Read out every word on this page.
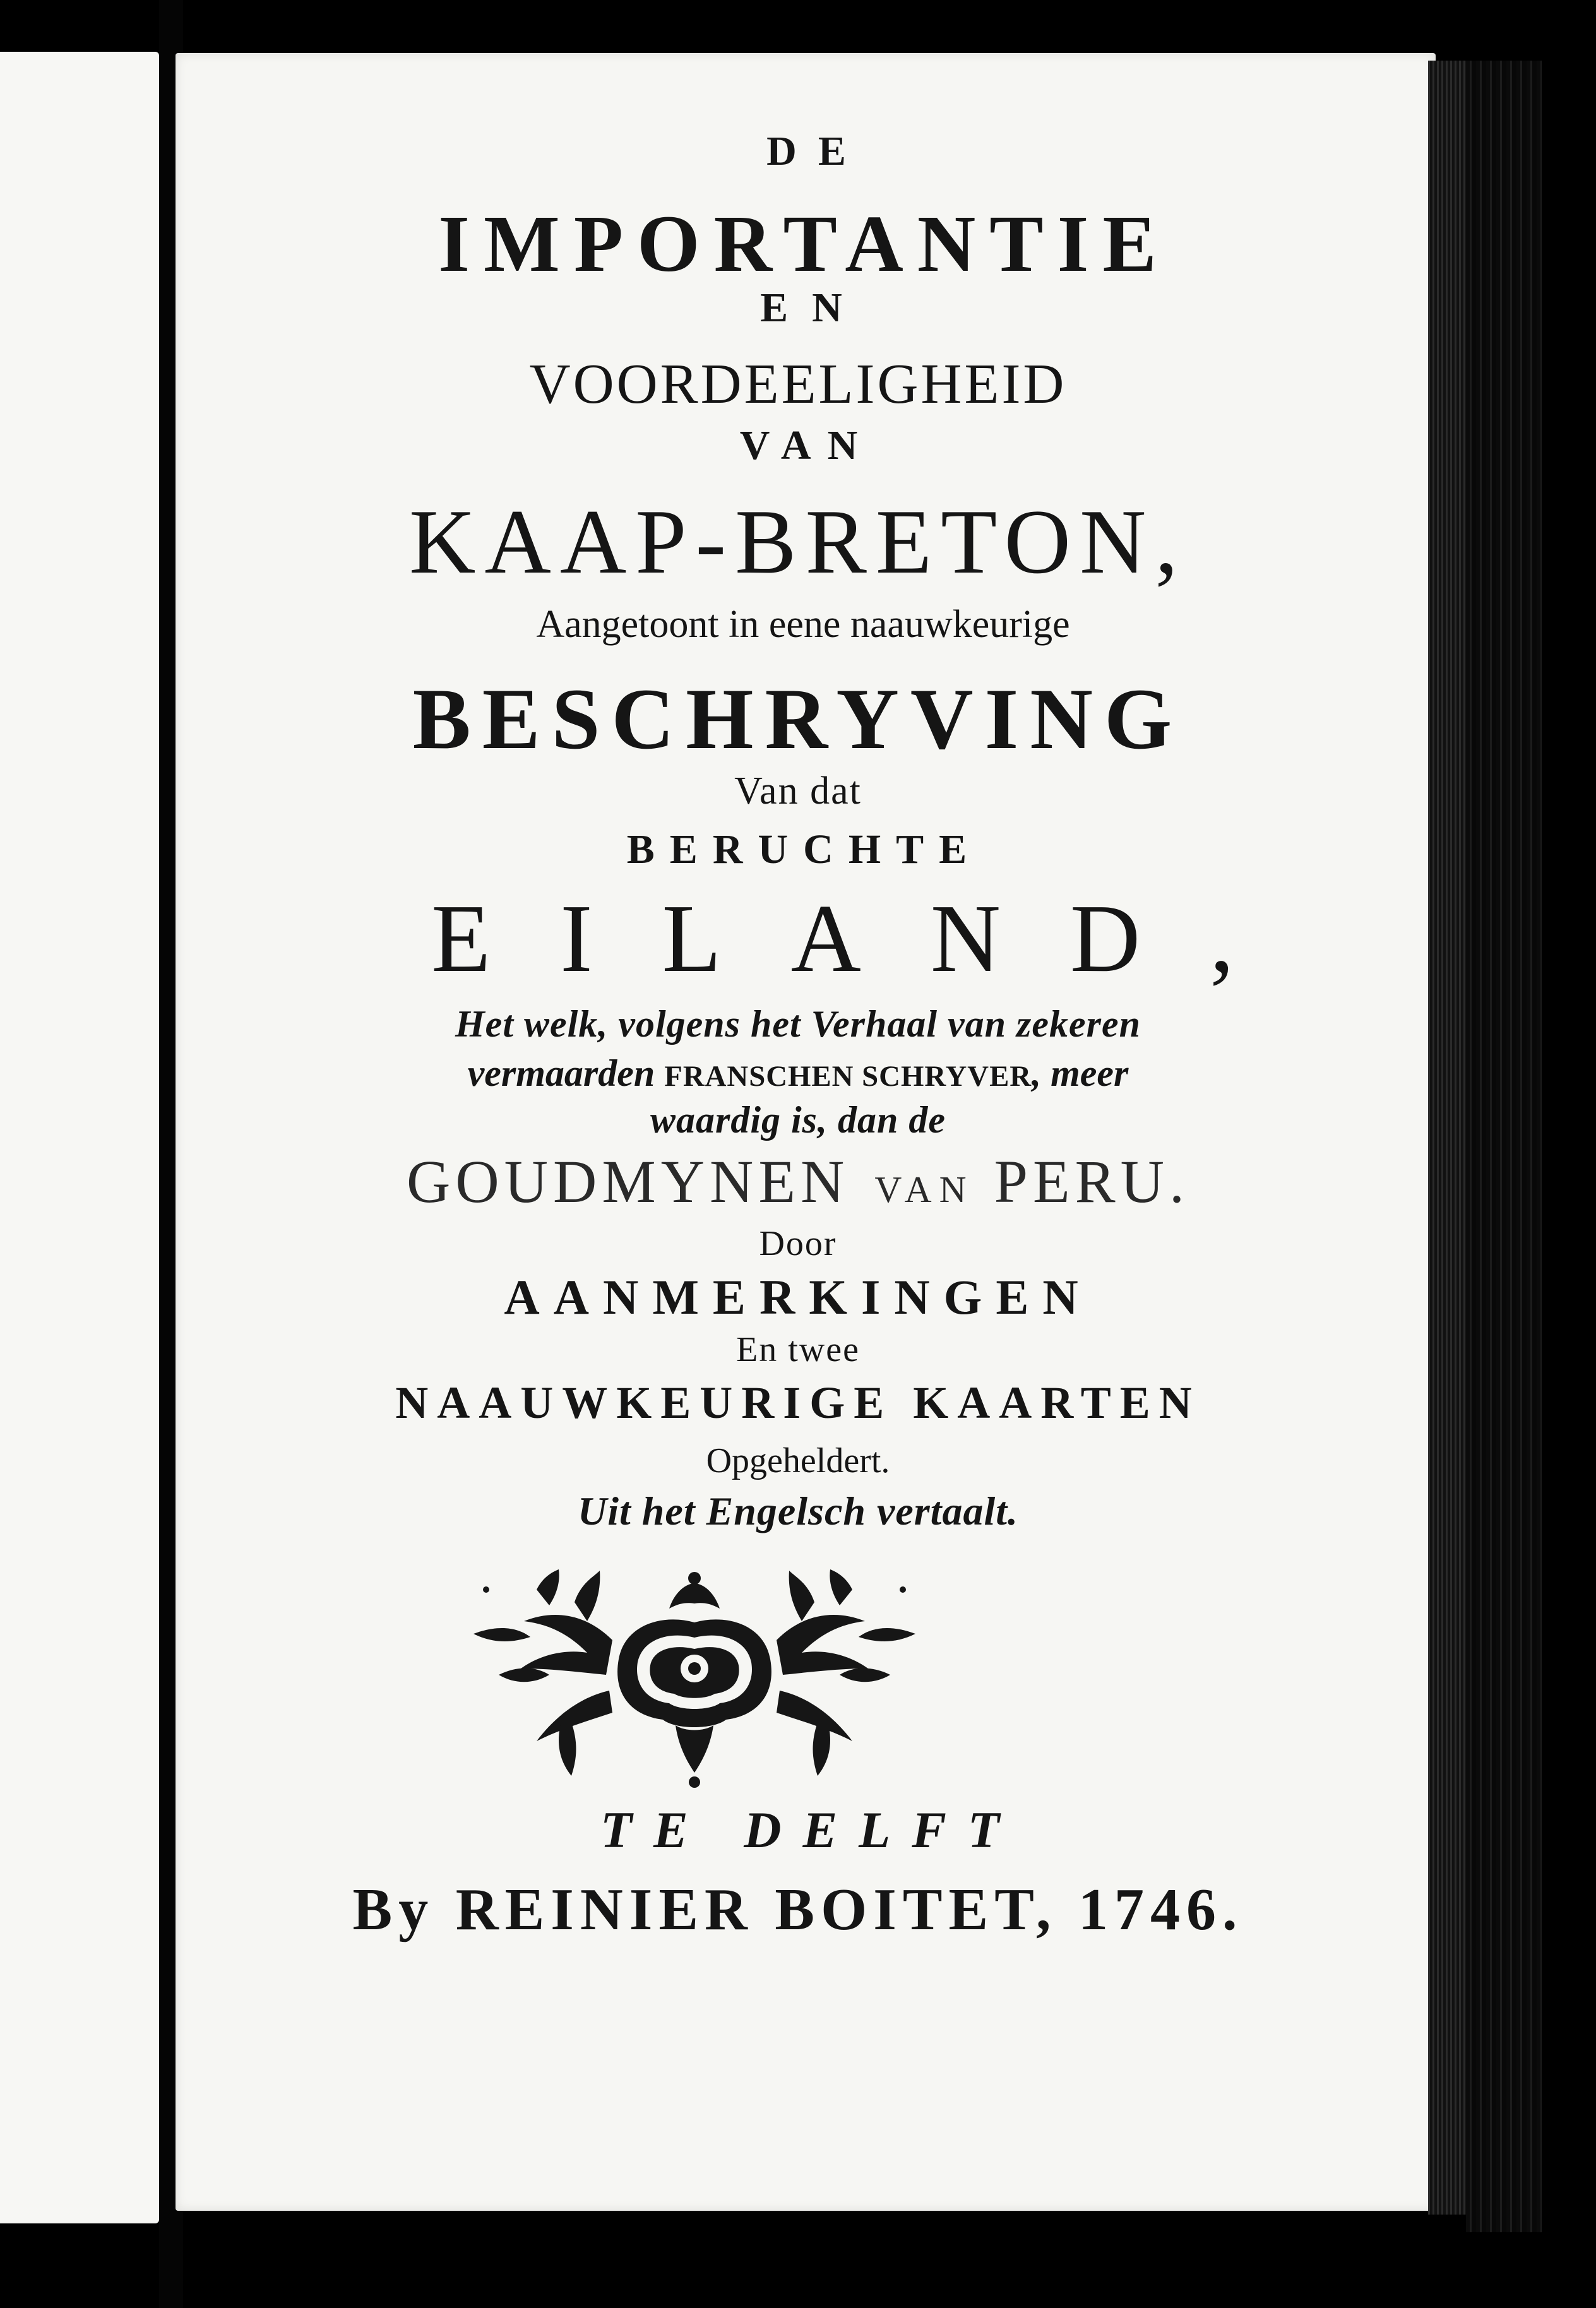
DE
IMPORTANTIE
EN
VOORDEELIGHEID
VAN
KAAP-BRETON,
Aangetoont in eene naauwkeurige
BESCHRYVING
Van dat
BERUCHTE
EILAND,
Het welk, volgens het Verhaal van zekeren
vermaarden FRANSCHEN SCHRYVER, meer
waardig is, dan de
GOUDMYNEN VAN PERU.
Door
AANMERKINGEN
En twee
NAAUWKEURIGE KAARTEN
Opgeheldert.
Uit het Engelsch vertaalt.
TE DELFT
By REINIER BOITET, 1746.
